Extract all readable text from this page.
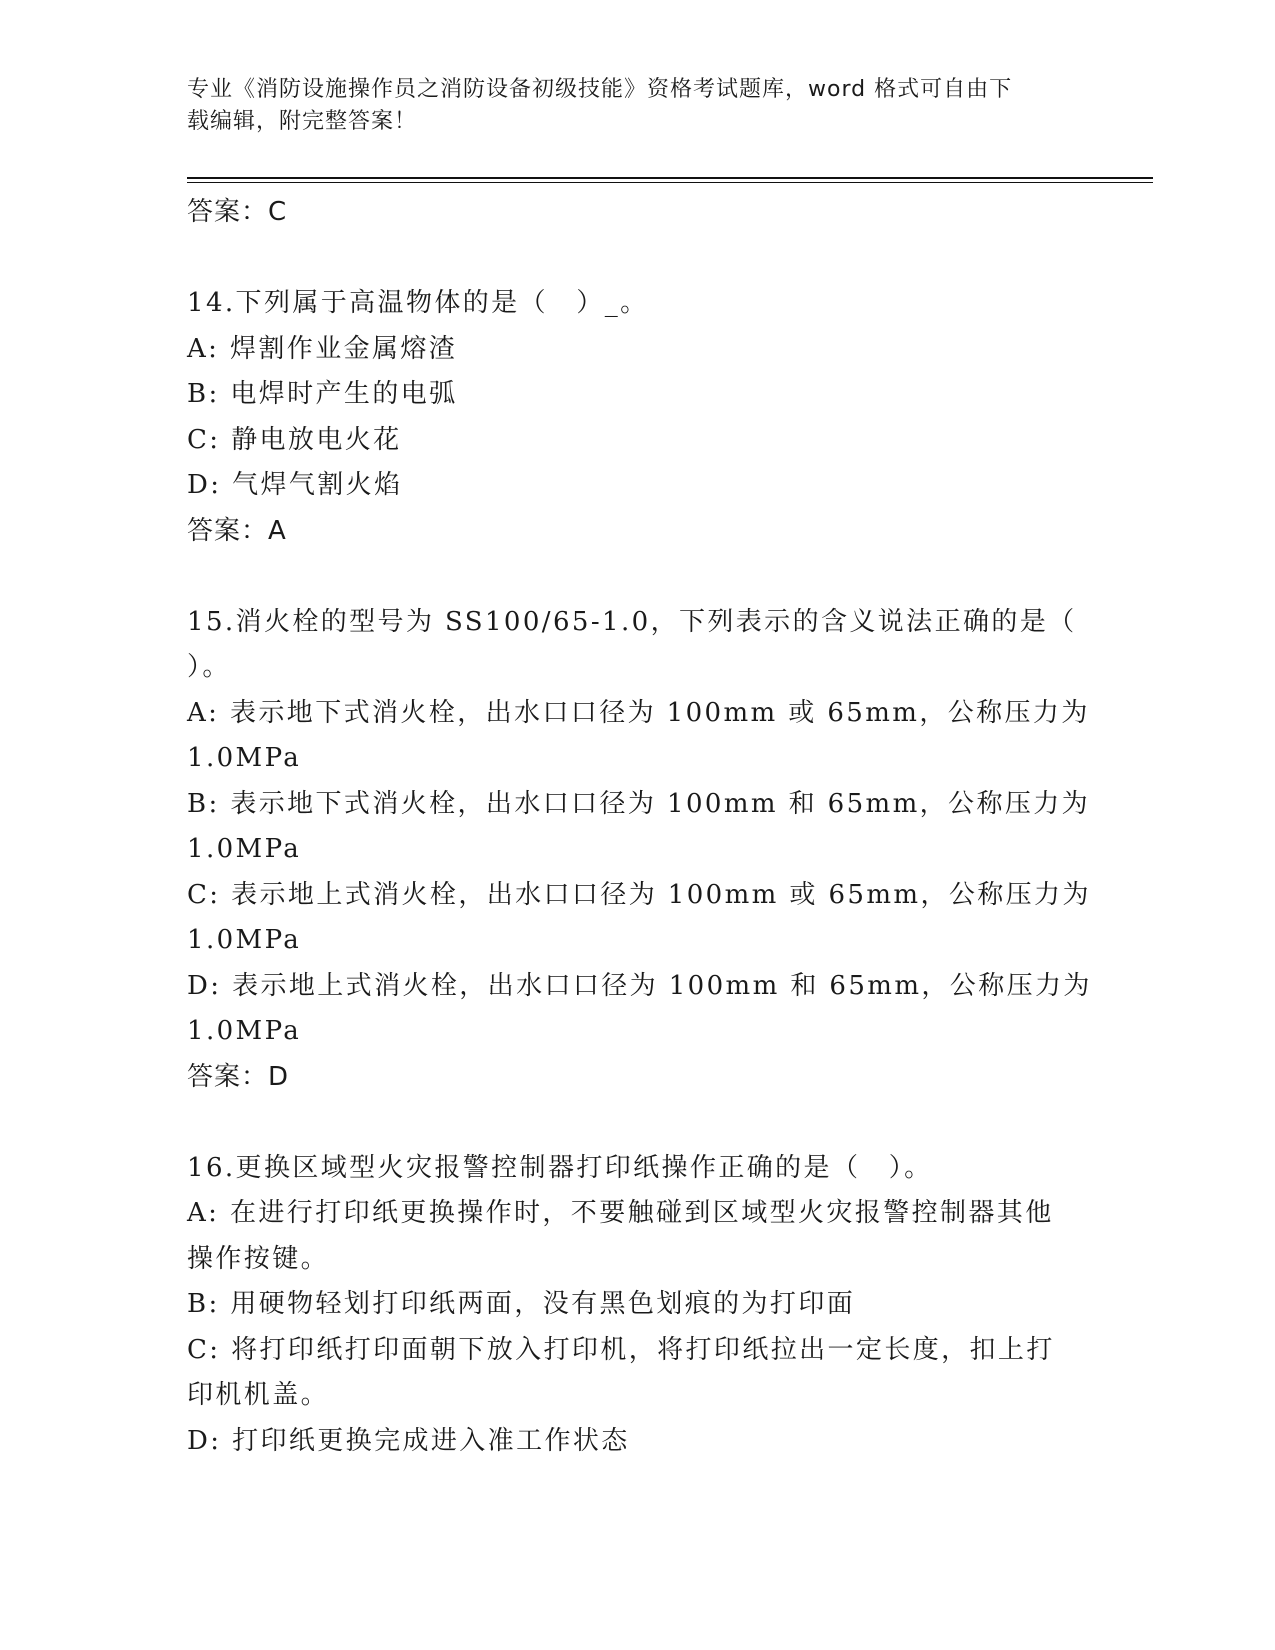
专业《消防设施操作员之消防设备初级技能》资格考试题库，word 格式可自由下
载编辑，附完整答案！
答案：C
14.下列属于高温物体的是（　）_。
A: 焊割作业金属熔渣
B: 电焊时产生的电弧
C: 静电放电火花
D: 气焊气割火焰
答案：A
15.消火栓的型号为 SS100/65-1.0，下列表示的含义说法正确的是（
）。
A: 表示地下式消火栓，出水口口径为 100mm 或 65mm，公称压力为
1.0MPa
B: 表示地下式消火栓，出水口口径为 100mm 和 65mm，公称压力为
1.0MPa
C: 表示地上式消火栓，出水口口径为 100mm 或 65mm，公称压力为
1.0MPa
D: 表示地上式消火栓，出水口口径为 100mm 和 65mm，公称压力为
1.0MPa
答案：D
16.更换区域型火灾报警控制器打印纸操作正确的是（　）。
A: 在进行打印纸更换操作时，不要触碰到区域型火灾报警控制器其他
操作按键。
B: 用硬物轻划打印纸两面，没有黑色划痕的为打印面
C: 将打印纸打印面朝下放入打印机，将打印纸拉出一定长度，扣上打
印机机盖。
D: 打印纸更换完成进入准工作状态
